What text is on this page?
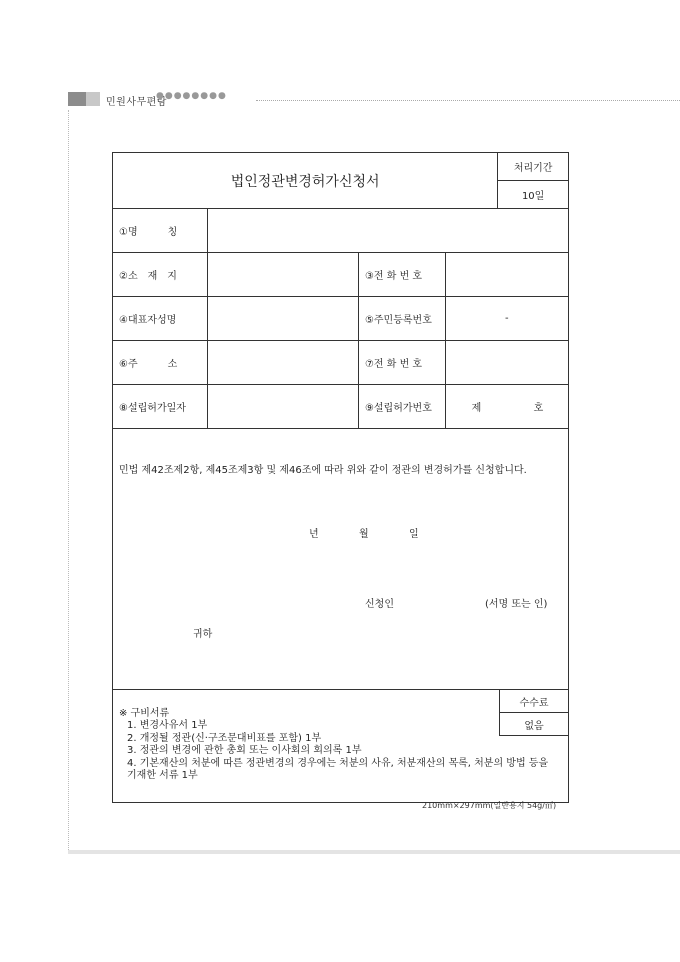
민원사무편람
●●●●●●●●
법인정관변경허가신청서	처리기간
10일
①명　　　칭	
②소　재　지		③전 화 번 호	
④대표자성명		⑤주민등록번호	-
⑥주　　　소		⑦전 화 번 호	
⑧설립허가일자		⑨설립허가번호	제	호

민법 제42조제2항, 제45조제3항 및 제46조에 따라 위와 같이 정관의 변경허가를 신청합니다.
년	월	일
신청인	(서명 또는 인)
귀하

※ 구비서류
1. 변경사유서 1부
2. 개정될 정관(신·구조문대비표를 포함) 1부
3. 정관의 변경에 관한 총회 또는 이사회의 회의록 1부
4. 기본재산의 처분에 따른 정관변경의 경우에는 처분의 사유, 처분재산의 목록, 처분의 방법 등을 기재한 서류 1부
수수료
없음
210mm×297mm(일반용지 54g/㎡)
